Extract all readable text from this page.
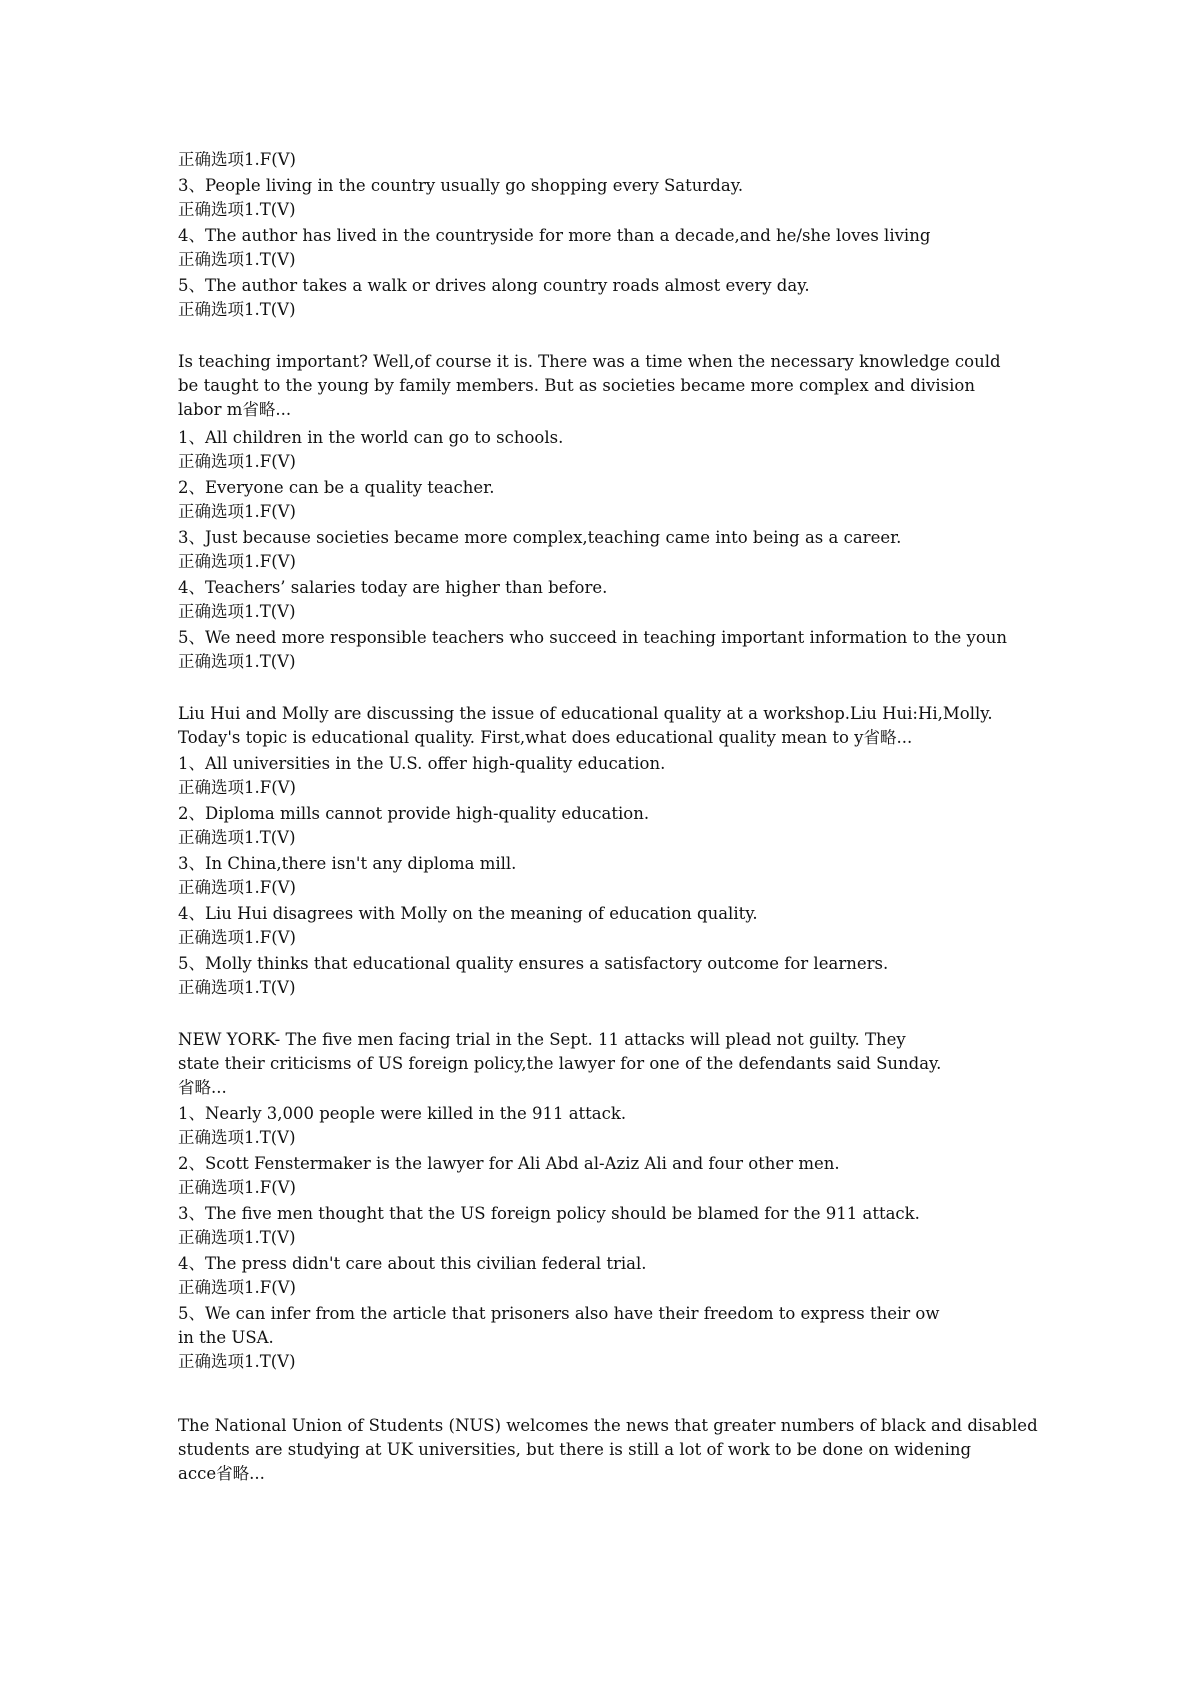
正确选项1.F(V)
3、People living in the country usually go shopping every Saturday.
正确选项1.T(V)
4、The author has lived in the countryside for more than a decade,and he/she loves living
正确选项1.T(V)
5、The author takes a walk or drives along country roads almost every day.
正确选项1.T(V)
Is teaching important? Well,of course it is. There was a time when the necessary knowledge could
be taught to the young by family members. But as societies became more complex and division
labor m省略...
1、All children in the world can go to schools.
正确选项1.F(V)
2、Everyone can be a quality teacher.
正确选项1.F(V)
3、Just because societies became more complex,teaching came into being as a career.
正确选项1.F(V)
4、Teachers’ salaries today are higher than before.
正确选项1.T(V)
5、We need more responsible teachers who succeed in teaching important information to the youn
正确选项1.T(V)
Liu Hui and Molly are discussing the issue of educational quality at a workshop.Liu Hui:Hi,Molly.
Today's topic is educational quality. First,what does educational quality mean to y省略...
1、All universities in the U.S. offer high-quality education.
正确选项1.F(V)
2、Diploma mills cannot provide high-quality education.
正确选项1.T(V)
3、In China,there isn't any diploma mill.
正确选项1.F(V)
4、Liu Hui disagrees with Molly on the meaning of education quality.
正确选项1.F(V)
5、Molly thinks that educational quality ensures a satisfactory outcome for learners.
正确选项1.T(V)
NEW YORK- The five men facing trial in the Sept. 11 attacks will plead not guilty. They
state their criticisms of US foreign policy,the lawyer for one of the defendants said Sunday.
省略...
1、Nearly 3,000 people were killed in the 911 attack.
正确选项1.T(V)
2、Scott Fenstermaker is the lawyer for Ali Abd al-Aziz Ali and four other men.
正确选项1.F(V)
3、The five men thought that the US foreign policy should be blamed for the 911 attack.
正确选项1.T(V)
4、The press didn't care about this civilian federal trial.
正确选项1.F(V)
5、We can infer from the article that prisoners also have their freedom to express their ow
in the USA.
正确选项1.T(V)
The National Union of Students (NUS) welcomes the news that greater numbers of black and disabled
students are studying at UK universities, but there is still a lot of work to be done on widening
acce省略...
